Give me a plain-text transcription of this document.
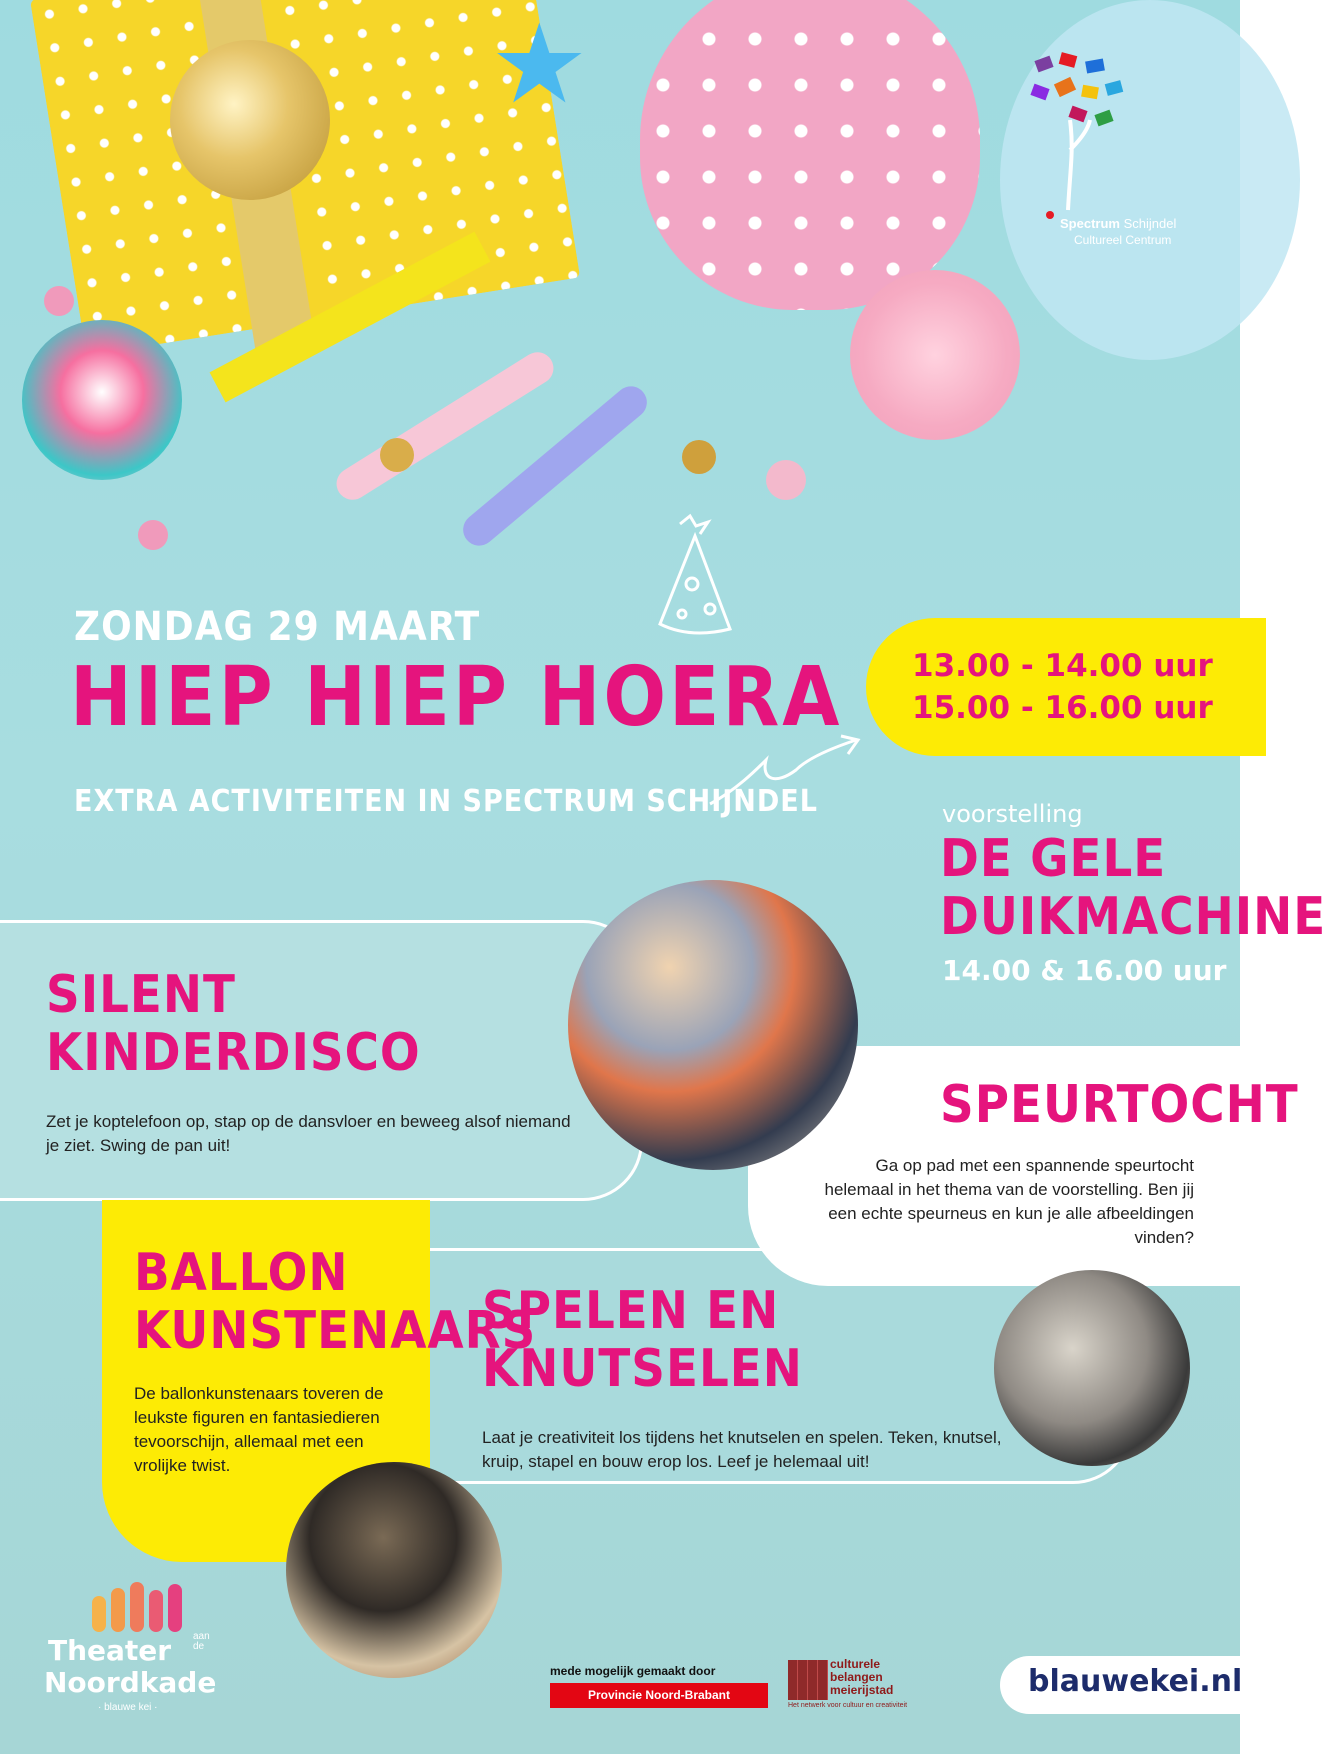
★
Spectrum Schijndel
Cultureel Centrum
ZONDAG 29 MAART
HIEP HIEP HOERA
EXTRA ACTIVITEITEN IN SPECTRUM SCHIJNDEL
13.00 - 14.00 uur
15.00 - 16.00 uur
voorstelling
DE GELE
DUIKMACHINE
14.00 & 16.00 uur
SILENT
KINDERDISCO
Zet je koptelefoon op, stap op de dansvloer en beweeg alsof niemand je ziet. Swing de pan uit!
SPEURTOCHT
Ga op pad met een spannende speurtocht helemaal in het thema van de voorstelling. Ben jij een echte speurneus en kun je alle afbeeldingen vinden?
BALLON
KUNSTENAARS
De ballonkunstenaars toveren de leukste figuren en fantasiedieren tevoorschijn, allemaal met een vrolijke twist.
SPELEN EN
KNUTSELEN
Laat je creativiteit los tijdens het knutselen en spelen. Teken, knutsel, kruip, stapel en bouw erop los. Leef je helemaal uit!
Theater aan de
Noordkade
· blauwe kei ·
mede mogelijk gemaakt door
Provincie Noord-Brabant
culturele belangen meierijstad
Het netwerk voor cultuur en creativiteit
blauwekei.nl
